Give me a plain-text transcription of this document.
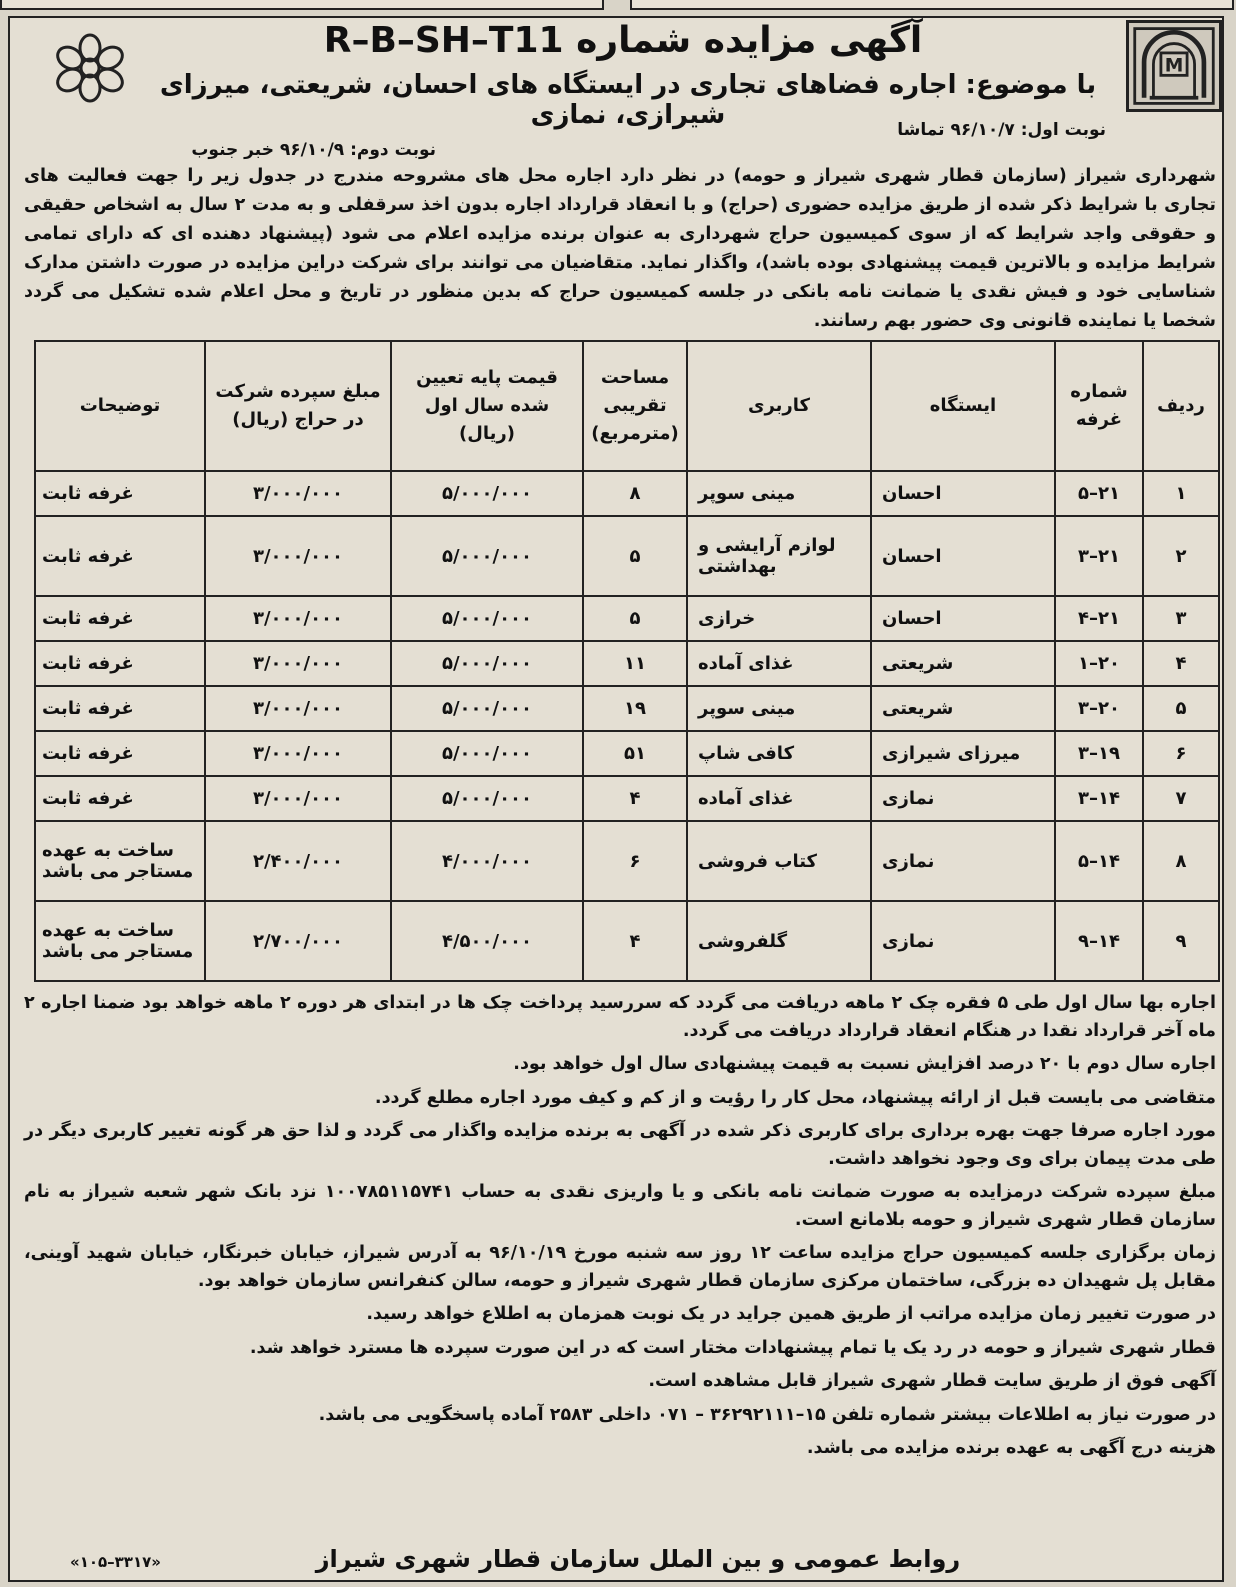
M
آگهی مزایده شماره R–B–SH–T11
با موضوع: اجاره فضاهای تجاری در ایستگاه های احسان، شریعتی، میرزای شیرازی، نمازی	نوبت اول: ۹۶/۱۰/۷ تماشا
نوبت دوم: ۹۶/۱۰/۹ خبر جنوب
شهرداری شیراز (سازمان قطار شهری شیراز و حومه) در نظر دارد اجاره محل های مشروحه مندرج در جدول زیر را جهت فعالیت های تجاری با شرایط ذکر شده از طریق مزایده حضوری (حراج) و با انعقاد قرارداد اجاره بدون اخذ سرقفلی و به مدت ۲ سال به اشخاص حقیقی و حقوقی واجد شرایط که از سوی کمیسیون حراج شهرداری به عنوان برنده مزایده اعلام می شود (پیشنهاد دهنده ای که دارای تمامی شرایط مزایده و بالاترین قیمت پیشنهادی بوده باشد)، واگذار نماید. متقاضیان می توانند برای شرکت دراین مزایده در صورت داشتن مدارک شناسایی خود و فیش نقدی یا ضمانت نامه بانکی در جلسه کمیسیون حراج که بدین منظور در تاریخ و محل اعلام شده تشکیل می گردد شخصا یا نماینده قانونی وی حضور بهم رسانند.
ردیف	شماره غرفه	ایستگاه	کاربری	مساحت تقریبی (مترمربع)	قیمت پایه تعیین شده سال اول (ریال)	مبلغ سپرده شرکت در حراج (ریال)	توضیحات
۱	۲۱–۵	احسان	مینی سوپر	۸	۵/۰۰۰/۰۰۰	۳/۰۰۰/۰۰۰	غرفه ثابت
۲	۲۱–۳	احسان	لوازم آرایشی و بهداشتی	۵	۵/۰۰۰/۰۰۰	۳/۰۰۰/۰۰۰	غرفه ثابت
۳	۲۱–۴	احسان	خرازی	۵	۵/۰۰۰/۰۰۰	۳/۰۰۰/۰۰۰	غرفه ثابت
۴	۲۰–۱	شریعتی	غذای آماده	۱۱	۵/۰۰۰/۰۰۰	۳/۰۰۰/۰۰۰	غرفه ثابت
۵	۲۰–۳	شریعتی	مینی سوپر	۱۹	۵/۰۰۰/۰۰۰	۳/۰۰۰/۰۰۰	غرفه ثابت
۶	۱۹–۳	میرزای شیرازی	کافی شاپ	۵۱	۵/۰۰۰/۰۰۰	۳/۰۰۰/۰۰۰	غرفه ثابت
۷	۱۴–۳	نمازی	غذای آماده	۴	۵/۰۰۰/۰۰۰	۳/۰۰۰/۰۰۰	غرفه ثابت
۸	۱۴–۵	نمازی	کتاب فروشی	۶	۴/۰۰۰/۰۰۰	۲/۴۰۰/۰۰۰	ساخت به عهده مستاجر می باشد
۹	۱۴–۹	نمازی	گلفروشی	۴	۴/۵۰۰/۰۰۰	۲/۷۰۰/۰۰۰	ساخت به عهده مستاجر می باشد

اجاره بها سال اول طی ۵ فقره چک ۲ ماهه دریافت می گردد که سررسید پرداخت چک ها در ابتدای هر دوره ۲ ماهه خواهد بود ضمنا اجاره ۲ ماه آخر قرارداد نقدا در هنگام انعقاد قرارداد دریافت می گردد.

اجاره سال دوم با ۲۰ درصد افزایش نسبت به قیمت پیشنهادی سال اول خواهد بود.

متقاضی می بایست قبل از ارائه پیشنهاد، محل کار را رؤیت و از کم و کیف مورد اجاره مطلع گردد.

مورد اجاره صرفا جهت بهره برداری برای کاربری ذکر شده در آگهی به برنده مزایده واگذار می گردد و لذا حق هر گونه تغییر کاربری دیگر در طی مدت پیمان برای وی وجود نخواهد داشت.

مبلغ سپرده شرکت درمزایده به صورت ضمانت نامه بانکی و یا واریزی نقدی به حساب ۱۰۰۷۸۵۱۱۵۷۴۱ نزد بانک شهر شعبه شیراز به نام سازمان قطار شهری شیراز و حومه بلامانع است.

زمان برگزاری جلسه کمیسیون حراج مزایده ساعت ۱۲ روز سه شنبه مورخ ۹۶/۱۰/۱۹ به آدرس شیراز، خیابان خبرنگار، خیابان شهید آوینی، مقابل پل شهیدان ده بزرگی، ساختمان مرکزی سازمان قطار شهری شیراز و حومه، سالن کنفرانس سازمان خواهد بود.

در صورت تغییر زمان مزایده مراتب از طریق همین جراید در یک نوبت همزمان به اطلاع خواهد رسید.

قطار شهری شیراز و حومه در رد یک یا تمام پیشنهادات مختار است که در این صورت سپرده ها مسترد خواهد شد.

آگهی فوق از طریق سایت قطار شهری شیراز قابل مشاهده است.

در صورت نیاز به اطلاعات بیشتر شماره تلفن ۱۵–۳۶۲۹۲۱۱۱ – ۰۷۱ داخلی ۲۵۸۳ آماده پاسخگویی می باشد.

هزینه درج آگهی به عهده برنده مزایده می باشد.

روابط عمومی و بین الملل سازمان قطار شهری شیراز
«۱۰۵–۳۳۱۷»
